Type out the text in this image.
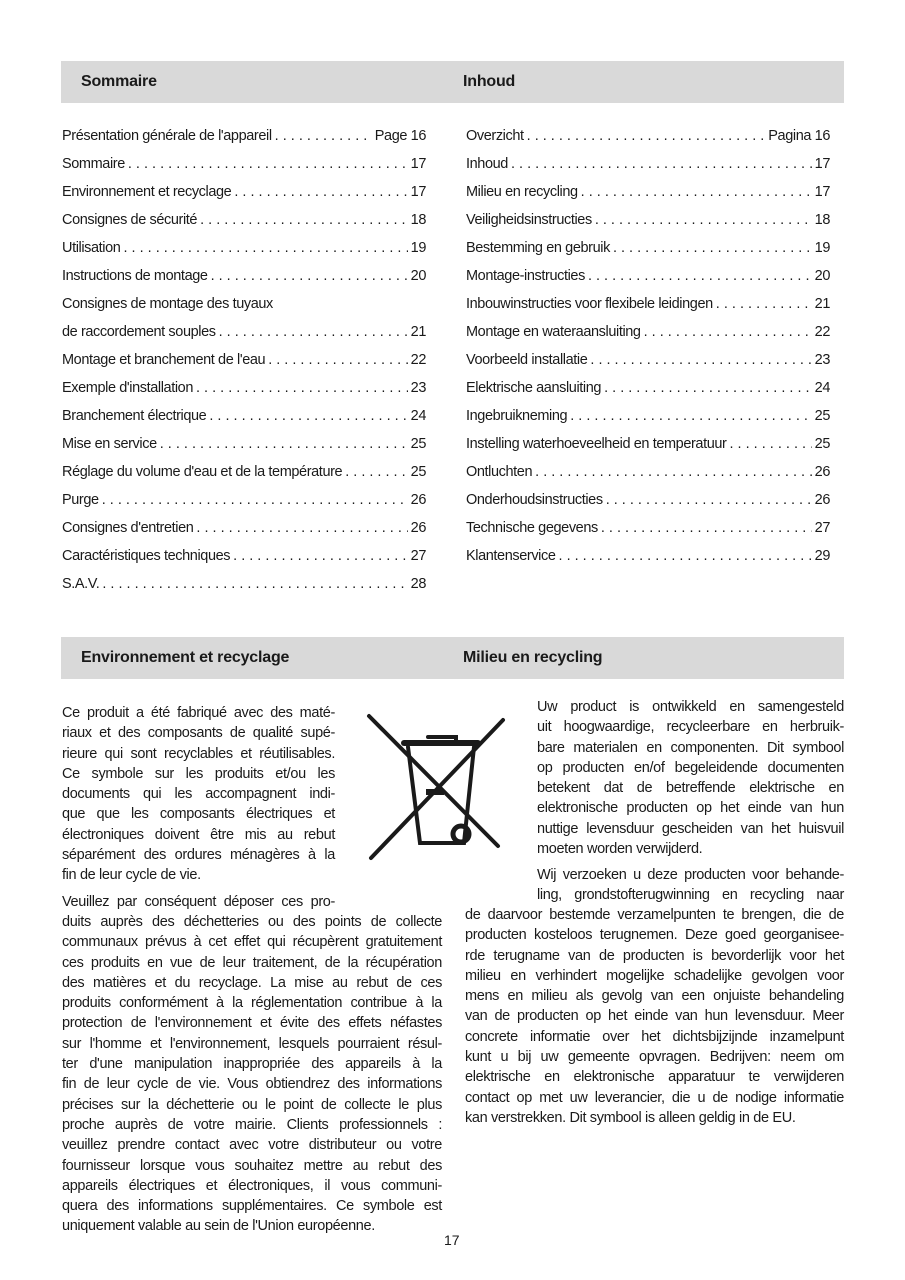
Sommaire	Inhoud
Présentation générale de l'appareil . . .	Page 16
Sommaire . . .	17
Environnement et recyclage . . .	17
Consignes de sécurité . . .	18
Utilisation . . .	19
Instructions de montage . . .	20
Consignes de montage des tuyaux
de raccordement souples . . .	21
Montage et branchement de l'eau . . .	22
Exemple d'installation . . .	23
Branchement électrique . . .	24
Mise en service . . .	25
Réglage du volume d'eau et de la température . . .	25
Purge . . .	26
Consignes d'entretien . . .	26
Caractéristiques techniques . . .	27
S.A.V. . . .	28
Overzicht . . .	Pagina 16
Inhoud . . .	17
Milieu en recycling . . .	17
Veiligheidsinstructies . . .	18
Bestemming en gebruik . . .	19
Montage-instructies . . .	20
Inbouwinstructies voor flexibele leidingen . . .	21
Montage en wateraansluiting . . .	22
Voorbeeld installatie . . .	23
Elektrische aansluiting . . .	24
Ingebruikneming . . .	25
Instelling waterhoeveelheid en temperatuur . . .	25
Ontluchten . . .	26
Onderhoudsinstructies . . .	26
Technische gegevens . . .	27
Klantenservice . . .	29
Environnement et recyclage	Milieu en recycling
Ce produit a été fabriqué avec des maté-
riaux et des composants de qualité supé-
rieure qui sont recyclables et réutilisables.
Ce symbole sur les produits et/ou les
documents qui les accompagnent indi-
que que les composants électriques et
électroniques doivent être mis au rebut
séparément des ordures ménagères à la
fin de leur cycle de vie.
Veuillez par conséquent déposer ces pro-
duits auprès des déchetteries ou des points de collecte
communaux prévus à cet effet qui récupèrent gratuitement
ces produits en vue de leur traitement, de la récupération
des matières et du recyclage. La mise au rebut de ces
produits conformément à la réglementation contribue à la
protection de l'environnement et évite des effets néfastes
sur l'homme et l'environnement, lesquels pourraient résul-
ter d'une manipulation inappropriée des appareils à la
fin de leur cycle de vie. Vous obtiendrez des informations
précises sur la déchetterie ou le point de collecte le plus
proche auprès de votre mairie. Clients professionnels :
veuillez prendre contact avec votre distributeur ou votre
fournisseur lorsque vous souhaitez mettre au rebut des
appareils électriques et électroniques, il vous communi-
quera des informations supplémentaires. Ce symbole est
uniquement valable au sein de l'Union européenne.
Uw product is ontwikkeld en samengesteld
uit hoogwaardige, recycleerbare en herbruik-
bare materialen en componenten. Dit symbool
op producten en/of begeleidende documenten
betekent dat de betreffende elektrische en
elektronische producten op het einde van hun
nuttige levensduur gescheiden van het huisvuil
moeten worden verwijderd.
Wij verzoeken u deze producten voor behande-
ling, grondstofterugwinning en recycling naar
de daarvoor bestemde verzamelpunten te brengen, die de
producten kosteloos terugnemen. Deze goed georganisee-
rde terugname van de producten is bevorderlijk voor het
milieu en verhindert mogelijke schadelijke gevolgen voor
mens en milieu als gevolg van een onjuiste behandeling
van de producten op het einde van hun levensduur. Meer
concrete informatie over het dichtsbijzijnde inzamelpunt
kunt u bij uw gemeente opvragen. Bedrijven: neem om
elektrische en elektronische apparatuur te verwijderen
contact op met uw leverancier, die u de nodige informatie
kan verstrekken. Dit symbool is alleen geldig in de EU.
17
